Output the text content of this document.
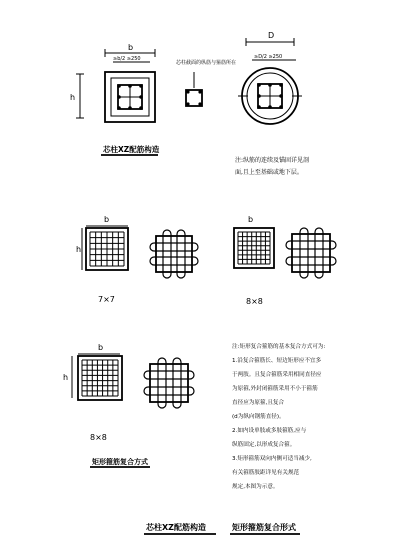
b
≥b/2 ≥250
h
芯柱截面的纵筋与箍筋所在
D
≥D/2 ≥250
芯柱XZ配筋构造
注:纵筋的连续及锚固详见剖
面,且上至基础或地下层。
b
h
7×7
b
8×8
b
h
8×8
矩形箍筋复合方式
注:矩形复合箍筋的基本复合方式可为:
1.沿复合箍筋长、短边矩形应不宜多
于两肢。且复合箍筋采用相同直径应
为原箍,外封闭箍筋采用不小于箍筋
直径应为原箍,且复合
(d为纵向钢筋直径)。
2.如内设单肢或多肢箍筋,应与
纵筋固定,以形成复合箍。
3.矩形箍筋双向内侧可适当减少,
有关箍筋肢距详见有关规范
规定,本图为示意。
芯柱XZ配筋构造	矩形箍筋复合形式
